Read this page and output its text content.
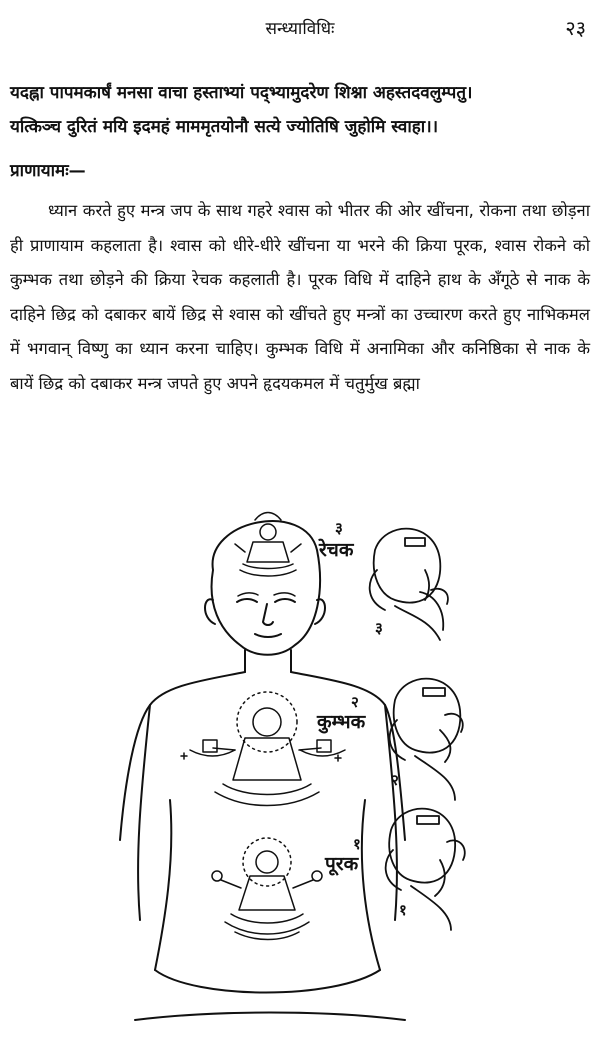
सन्ध्याविधिः	२३
यदह्ना पापमकार्षं मनसा वाचा हस्ताभ्यां पद्भ्यामुदरेण शिश्ना अहस्तदवलुम्पतु।
यत्किञ्च दुरितं मयि इदमहं माममृतयोनौ सत्ये ज्योतिषि जुहोमि स्वाहा।।
प्राणायामः—
ध्यान करते हुए मन्त्र जप के साथ गहरे श्वास को भीतर की ओर खींचना, रोकना तथा छोड़ना ही प्राणायाम कहलाता है। श्वास को धीरे-धीरे खींचना या भरने की क्रिया पूरक, श्वास रोकने को कुम्भक तथा छोड़ने की क्रिया रेचक कहलाती है। पूरक विधि में दाहिने हाथ के अँगूठे से नाक के दाहिने छिद्र को दबाकर बायें छिद्र से श्वास को खींचते हुए मन्त्रों का उच्चारण करते हुए नाभिकमल में भगवान् विष्णु का ध्यान करना चाहिए। कुम्भक विधि में अनामिका और कनिष्ठिका से नाक के बायें छिद्र को दबाकर मन्त्र जपते हुए अपने हृदयकमल में चतुर्मुख ब्रह्मा
३
रेचक
३
२
कुम्भक
२
१
पूरक
१
